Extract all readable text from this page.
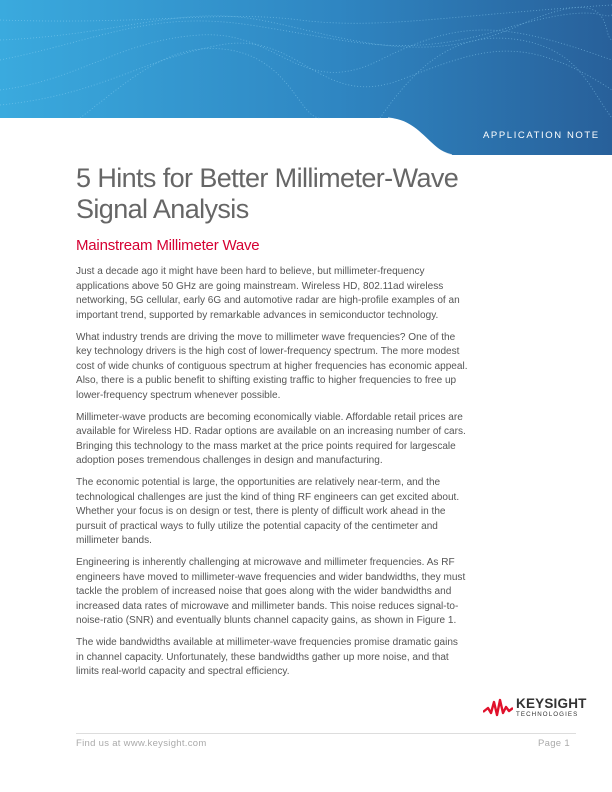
APPLICATION NOTE
5 Hints for Better Millimeter-Wave Signal Analysis
Mainstream Millimeter Wave

Just a decade ago it might have been hard to believe, but millimeter-frequency applications above 50 GHz are going mainstream. Wireless HD, 802.11ad wireless networking, 5G cellular, early 6G and automotive radar are high-profile examples of an important trend, supported by remarkable advances in semiconductor technology.

What industry trends are driving the move to millimeter wave frequencies? One of the key technology drivers is the high cost of lower-frequency spectrum. The more modest cost of wide chunks of contiguous spectrum at higher frequencies has economic appeal. Also, there is a public benefit to shifting existing traffic to higher frequencies to free up lower-frequency spectrum whenever possible.

Millimeter-wave products are becoming economically viable. Affordable retail prices are available for Wireless HD. Radar options are available on an increasing number of cars. Bringing this technology to the mass market at the price points required for largescale adoption poses tremendous challenges in design and manufacturing.

The economic potential is large, the opportunities are relatively near-term, and the technological challenges are just the kind of thing RF engineers can get excited about. Whether your focus is on design or test, there is plenty of difficult work ahead in the pursuit of practical ways to fully utilize the potential capacity of the centimeter and millimeter bands.

Engineering is inherently challenging at microwave and millimeter frequencies. As RF engineers have moved to millimeter-wave frequencies and wider bandwidths, they must tackle the problem of increased noise that goes along with the wider bandwidths and increased data rates of microwave and millimeter bands. This noise reduces signal-to-noise-ratio (SNR) and eventually blunts channel capacity gains, as shown in Figure 1.

The wide bandwidths available at millimeter-wave frequencies promise dramatic gains in channel capacity. Unfortunately, these bandwidths gather up more noise, and that limits real-world capacity and spectral efficiency.

KEYSIGHT
TECHNOLOGIES
Find us at www.keysight.com	Page 1
